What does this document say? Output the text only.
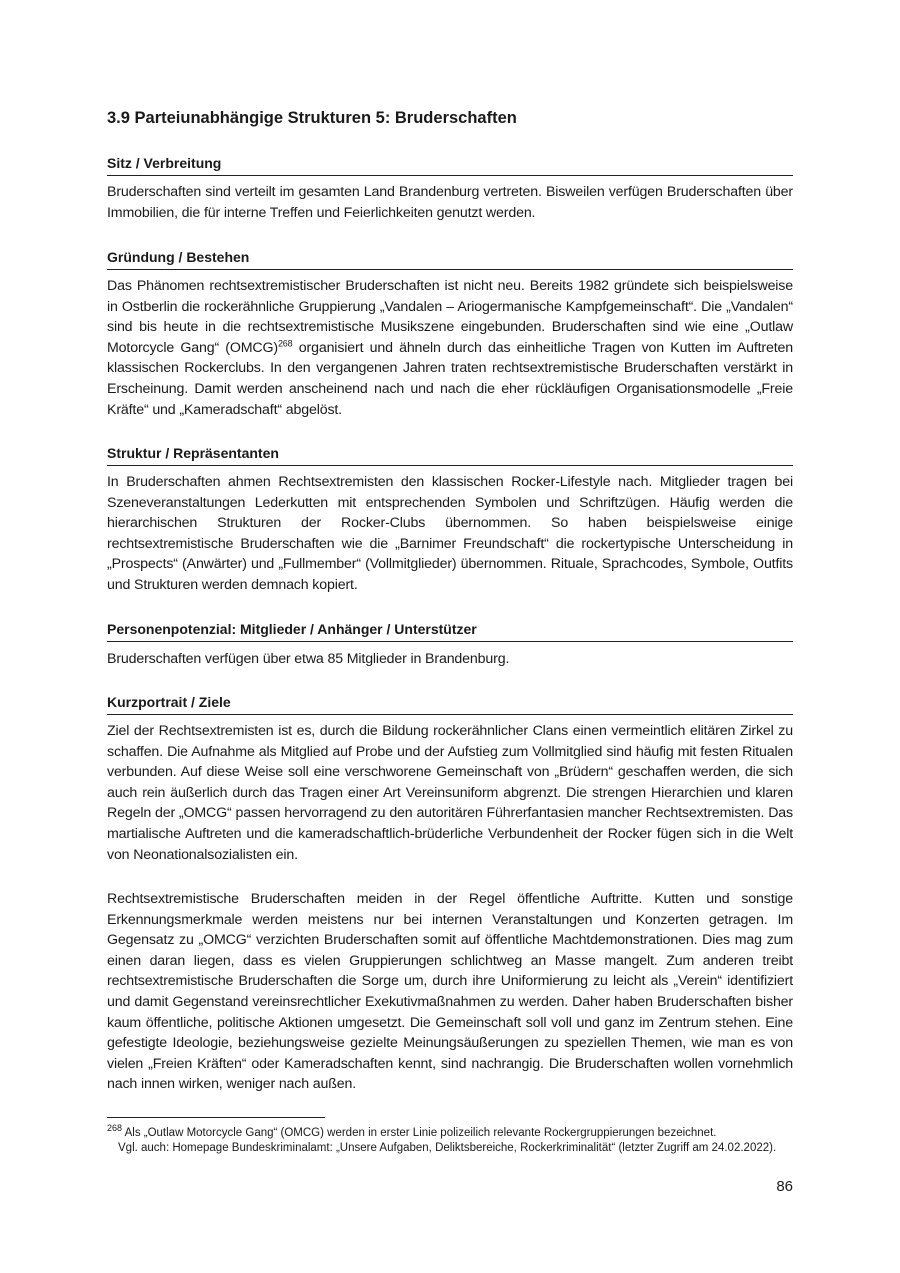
3.9 Parteiunabhängige Strukturen 5: Bruderschaften
Sitz / Verbreitung

Bruderschaften sind verteilt im gesamten Land Brandenburg vertreten. Bisweilen verfügen Bruderschaften über Immobilien, die für interne Treffen und Feierlichkeiten genutzt werden.

Gründung / Bestehen

Das Phänomen rechtsextremistischer Bruderschaften ist nicht neu. Bereits 1982 gründete sich beispielsweise in Ostberlin die rockerähnliche Gruppierung „Vandalen – Ariogermanische Kampfgemeinschaft“. Die „Vandalen“ sind bis heute in die rechtsextremistische Musikszene eingebunden. Bruderschaften sind wie eine „Outlaw Motorcycle Gang“ (OMCG)$^{268}$ organisiert und ähneln durch das einheitliche Tragen von Kutten im Auftreten klassischen Rockerclubs. In den vergangenen Jahren traten rechtsextremistische Bruderschaften verstärkt in Erscheinung. Damit werden anscheinend nach und nach die eher rückläufigen Organisationsmodelle „Freie Kräfte“ und „Kameradschaft“ abgelöst.

Struktur / Repräsentanten

In Bruderschaften ahmen Rechtsextremisten den klassischen Rocker-Lifestyle nach. Mitglieder tragen bei Szeneveranstaltungen Lederkutten mit entsprechenden Symbolen und Schriftzügen. Häufig werden die hierarchischen Strukturen der Rocker-Clubs übernommen. So haben beispielsweise einige rechtsextremistische Bruderschaften wie die „Barnimer Freundschaft“ die rockertypische Unterscheidung in „Prospects“ (Anwärter) und „Fullmember“ (Vollmitglieder) übernommen. Rituale, Sprachcodes, Symbole, Outfits und Strukturen werden demnach kopiert.

Personenpotenzial: Mitglieder / Anhänger / Unterstützer

Bruderschaften verfügen über etwa 85 Mitglieder in Brandenburg.

Kurzportrait / Ziele

Ziel der Rechtsextremisten ist es, durch die Bildung rockerähnlicher Clans einen vermeintlich elitären Zirkel zu schaffen. Die Aufnahme als Mitglied auf Probe und der Aufstieg zum Vollmitglied sind häufig mit festen Ritualen verbunden. Auf diese Weise soll eine verschworene Gemeinschaft von „Brüdern“ geschaffen werden, die sich auch rein äußerlich durch das Tragen einer Art Vereinsuniform abgrenzt. Die strengen Hierarchien und klaren Regeln der „OMCG“ passen hervorragend zu den autoritären Führerfantasien mancher Rechtsextremisten. Das martialische Auftreten und die kameradschaftlich-brüderliche Verbundenheit der Rocker fügen sich in die Welt von Neonationalsozialisten ein.

Rechtsextremistische Bruderschaften meiden in der Regel öffentliche Auftritte. Kutten und sonstige Erkennungsmerkmale werden meistens nur bei internen Veranstaltungen und Konzerten getragen. Im Gegensatz zu „OMCG“ verzichten Bruderschaften somit auf öffentliche Machtdemonstrationen. Dies mag zum einen daran liegen, dass es vielen Gruppierungen schlichtweg an Masse mangelt. Zum anderen treibt rechtsextremistische Bruderschaften die Sorge um, durch ihre Uniformierung zu leicht als „Verein“ identifiziert und damit Gegenstand vereinsrechtlicher Exekutivmaßnahmen zu werden. Daher haben Bruderschaften bisher kaum öffentliche, politische Aktionen umgesetzt. Die Gemeinschaft soll voll und ganz im Zentrum stehen. Eine gefestigte Ideologie, beziehungsweise gezielte Meinungsäußerungen zu speziellen Themen, wie man es von vielen „Freien Kräften“ oder Kameradschaften kennt, sind nachrangig. Die Bruderschaften wollen vornehmlich nach innen wirken, weniger nach außen.

$^{268}$ Als „Outlaw Motorcycle Gang“ (OMCG) werden in erster Linie polizeilich relevante Rockergruppierungen bezeichnet.
Vgl. auch: Homepage Bundeskriminalamt: „Unsere Aufgaben, Deliktsbereiche, Rockerkriminalität“ (letzter Zugriff am 24.02.2022).

86
